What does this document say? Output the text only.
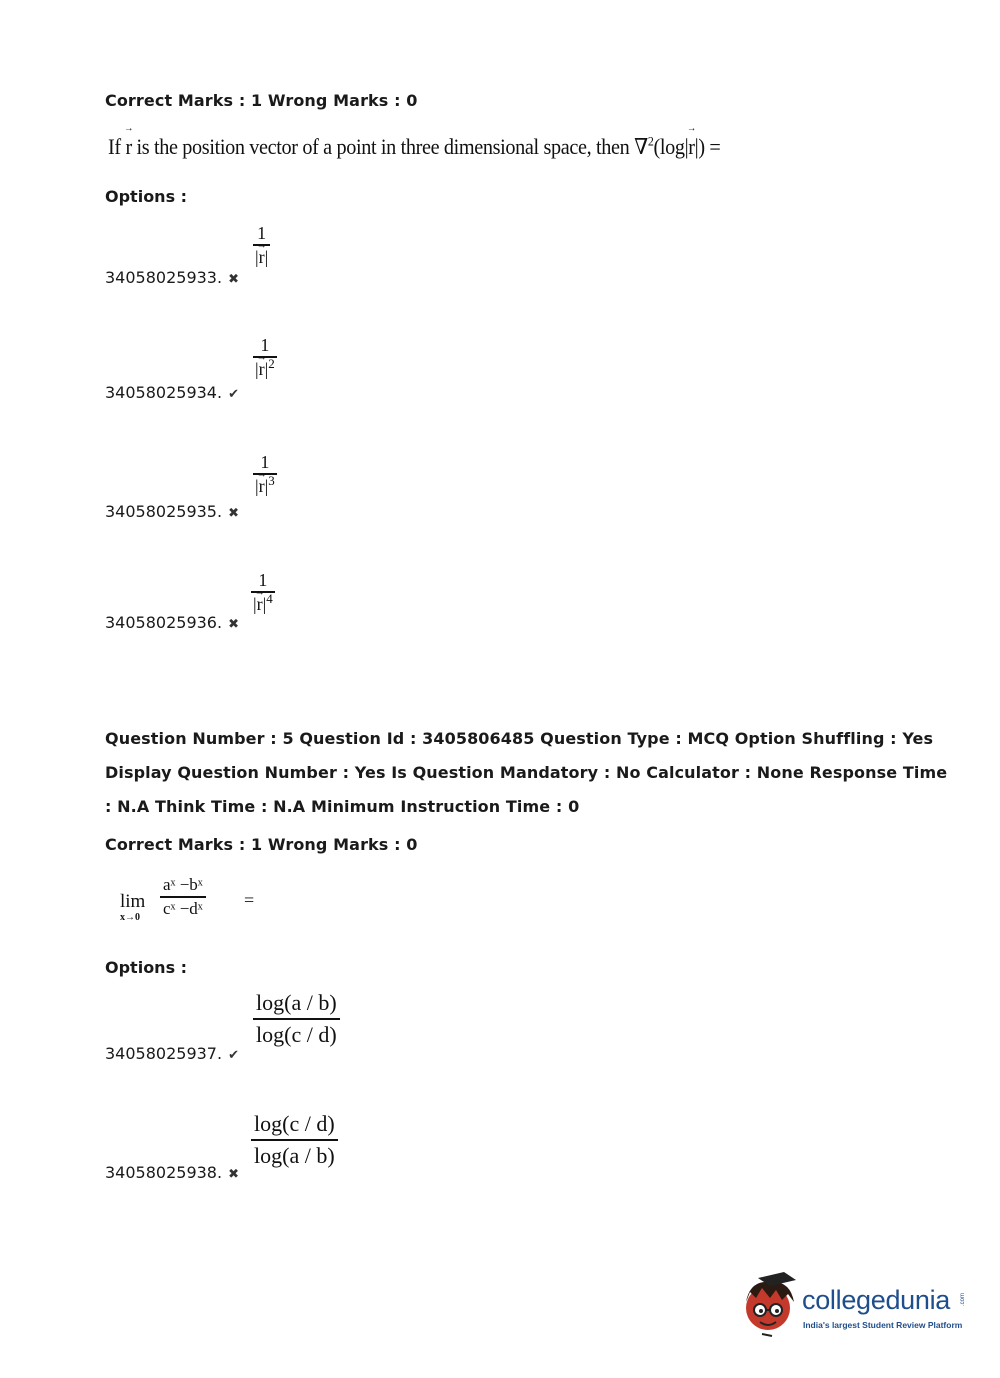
Correct Marks : 1 Wrong Marks : 0
If → r is the position vector of a point in three dimensional space, then ∇$^2$(log|→ r|) =
Options :
34058025933. ✖
1
|→ r|
34058025934. ✔
1
|→ $r|^2$
34058025935. ✖
1
|→ $r|^3$
34058025936. ✖
1
|→ $r|^4$
Question Number : 5 Question Id : 3405806485 Question Type : MCQ Option Shuffling : Yes
Display Question Number : Yes Is Question Mandatory : No Calculator : None Response Time
: N.A Think Time : N.A Minimum Instruction Time : 0
Correct Marks : 1 Wrong Marks : 0
lim
x→0
aˣ −bˣ
cˣ −dˣ =
Options :
34058025937. ✔
log(a / b)
log(c / d)
34058025938. ✖
log(c / d)
log(a / b)
collegedunia .com
India's largest Student Review Platform
